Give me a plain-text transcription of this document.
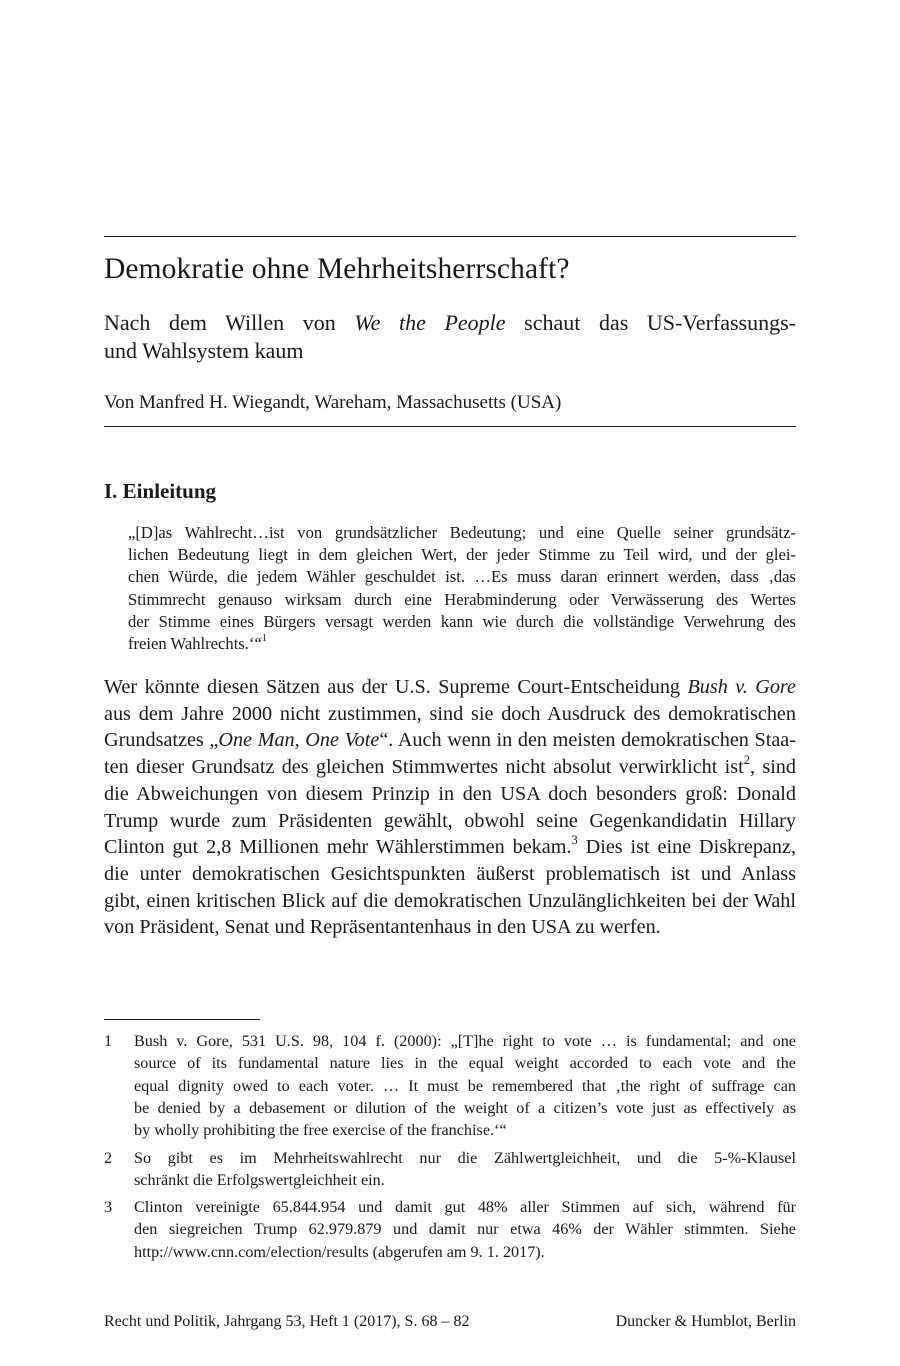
Demokratie ohne Mehrheitsherrschaft?
Nach dem Willen von We the People schaut das US-Verfassungs-
und Wahlsystem kaum
Von Manfred H. Wiegandt, Wareham, Massachusetts (USA)
I. Einleitung
„[D]as Wahlrecht…ist von grundsätzlicher Bedeutung; und eine Quelle seiner grundsätz-
lichen Bedeutung liegt in dem gleichen Wert, der jeder Stimme zu Teil wird, und der glei-
chen Würde, die jedem Wähler geschuldet ist. …Es muss daran erinnert werden, dass ‚das
Stimmrecht genauso wirksam durch eine Herabminderung oder Verwässerung des Wertes
der Stimme eines Bürgers versagt werden kann wie durch die vollständige Verwehrung des
freien Wahlrechts.‘“$^1$
Wer könnte diesen Sätzen aus der U.S. Supreme Court-Entscheidung Bush v. Gore
aus dem Jahre 2000 nicht zustimmen, sind sie doch Ausdruck des demokratischen
Grundsatzes „One Man, One Vote“. Auch wenn in den meisten demokratischen Staa-
ten dieser Grundsatz des gleichen Stimmwertes nicht absolut verwirklicht ist$^2$, sind
die Abweichungen von diesem Prinzip in den USA doch besonders groß: Donald
Trump wurde zum Präsidenten gewählt, obwohl seine Gegenkandidatin Hillary
Clinton gut 2,8 Millionen mehr Wählerstimmen bekam.$^3$ Dies ist eine Diskrepanz,
die unter demokratischen Gesichtspunkten äußerst problematisch ist und Anlass
gibt, einen kritischen Blick auf die demokratischen Unzulänglichkeiten bei der Wahl
von Präsident, Senat und Repräsentantenhaus in den USA zu werfen.
1 Bush v. Gore, 531 U.S. 98, 104 f. (2000): „[T]he right to vote … is fundamental; and one
source of its fundamental nature lies in the equal weight accorded to each vote and the
equal dignity owed to each voter. … It must be remembered that ‚the right of suffrage can
be denied by a debasement or dilution of the weight of a citizen’s vote just as effectively as
by wholly prohibiting the free exercise of the franchise.‘“
2 So gibt es im Mehrheitswahlrecht nur die Zählwertgleichheit, und die 5-%-Klausel
schränkt die Erfolgswertgleichheit ein.
3 Clinton vereinigte 65.844.954 und damit gut 48% aller Stimmen auf sich, während für
den siegreichen Trump 62.979.879 und damit nur etwa 46% der Wähler stimmten. Siehe
http://www.cnn.com/election/results (abgerufen am 9. 1. 2017).
Recht und Politik, Jahrgang 53, Heft 1 (2017), S. 68 – 82	Duncker & Humblot, Berlin
